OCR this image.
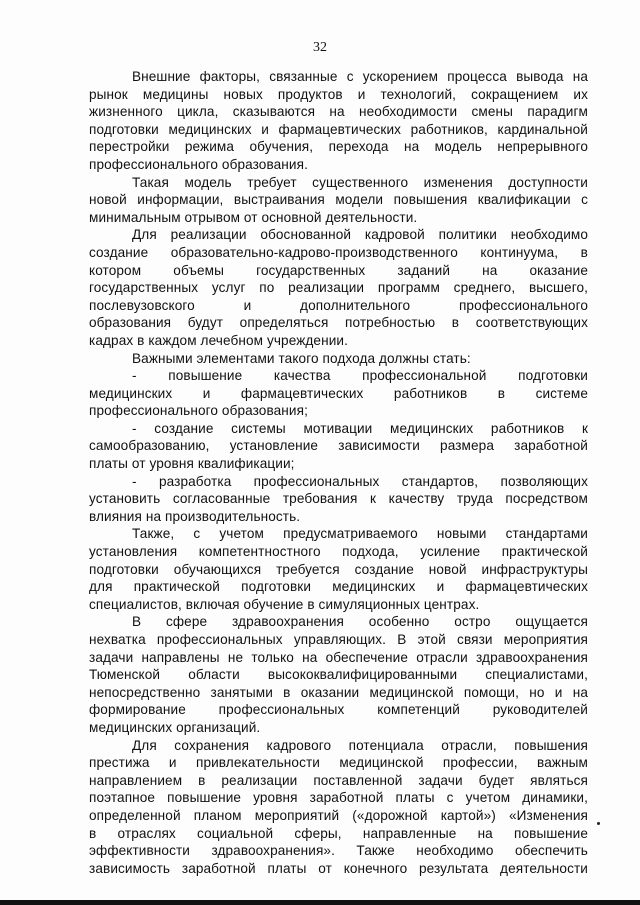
32
Внешние факторы, связанные с ускорением процесса вывода на
рынок медицины новых продуктов и технологий, сокращением их
жизненного цикла, сказываются на необходимости смены парадигм
подготовки медицинских и фармацевтических работников, кардинальной
перестройки режима обучения, перехода на модель непрерывного
профессионального образования.
Такая модель требует существенного изменения доступности
новой информации, выстраивания модели повышения квалификации с
минимальным отрывом от основной деятельности.
Для реализации обоснованной кадровой политики необходимо
создание образовательно-кадрово-производственного континуума, в
котором объемы государственных заданий на оказание
государственных услуг по реализации программ среднего, высшего,
послевузовского и дополнительного профессионального
образования будут определяться потребностью в соответствующих
кадрах в каждом лечебном учреждении.
Важными элементами такого подхода должны стать:
- повышение качества профессиональной подготовки
медицинских и фармацевтических работников в системе
профессионального образования;
- создание системы мотивации медицинских работников к
самообразованию, установление зависимости размера заработной
платы от уровня квалификации;
- разработка профессиональных стандартов, позволяющих
установить согласованные требования к качеству труда посредством
влияния на производительность.
Также, с учетом предусматриваемого новыми стандартами
установления компетентностного подхода, усиление практической
подготовки обучающихся требуется создание новой инфраструктуры
для практической подготовки медицинских и фармацевтических
специалистов, включая обучение в симуляционных центрах.
В сфере здравоохранения особенно остро ощущается
нехватка профессиональных управляющих. В этой связи мероприятия
задачи направлены не только на обеспечение отрасли здравоохранения
Тюменской области высококвалифицированными специалистами,
непосредственно занятыми в оказании медицинской помощи, но и на
формирование профессиональных компетенций руководителей
медицинских организаций.
Для сохранения кадрового потенциала отрасли, повышения
престижа и привлекательности медицинской профессии, важным
направлением в реализации поставленной задачи будет являться
поэтапное повышение уровня заработной платы с учетом динамики,
определенной планом мероприятий («дорожной картой») «Изменения
в отраслях социальной сферы, направленные на повышение
эффективности здравоохранения». Также необходимо обеспечить
зависимость заработной платы от конечного результата деятельности
